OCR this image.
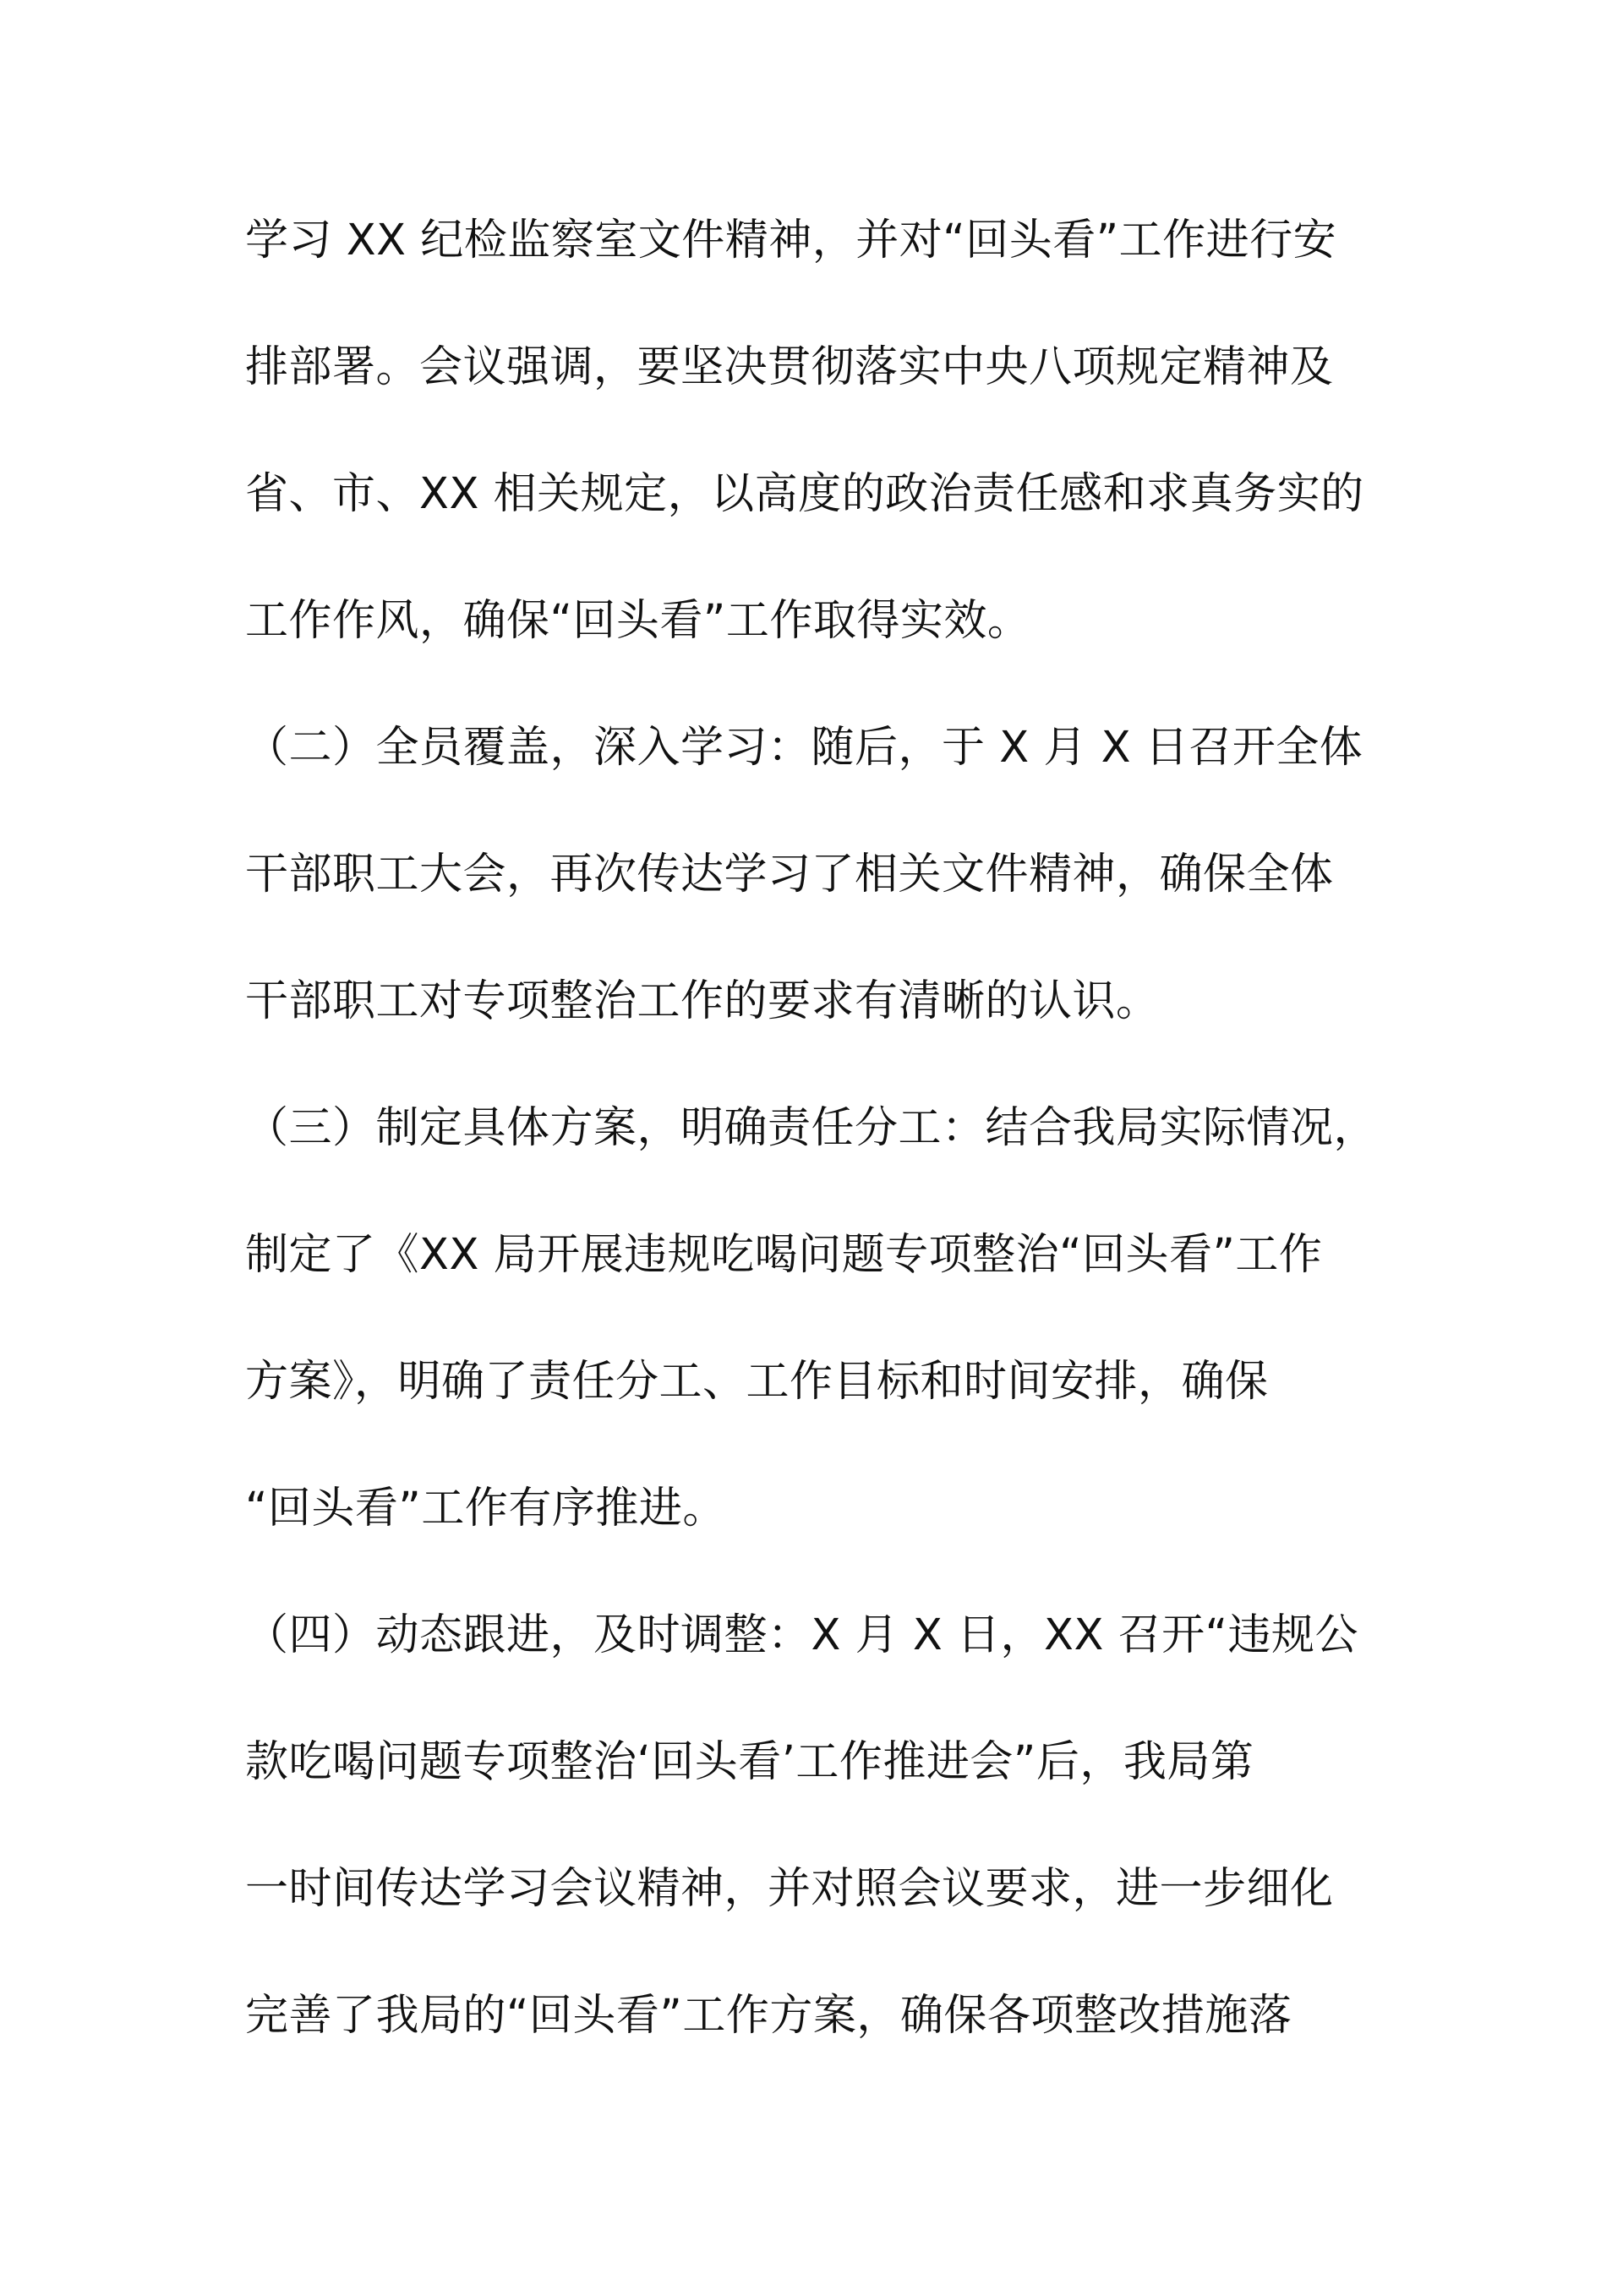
学习 XX 纪检监察室文件精神，并对“回头看”工作进行安
排部署。会议强调，要坚决贯彻落实中央八项规定精神及
省、市、XX 相关规定，以高度的政治责任感和求真务实的
工作作风，确保“回头看”工作取得实效。
（二）全员覆盖，深入学习：随后，于 X 月 X 日召开全体
干部职工大会，再次传达学习了相关文件精神，确保全体
干部职工对专项整治工作的要求有清晰的认识。
（三）制定具体方案，明确责任分工：结合我局实际情况，
制定了《XX 局开展违规吃喝问题专项整治“回头看”工作
方案》，明确了责任分工、工作目标和时间安排，确保
“回头看”工作有序推进。
（四）动态跟进，及时调整：X 月 X 日，XX 召开“违规公
款吃喝问题专项整治‘回头看’工作推进会”后，我局第
一时间传达学习会议精神，并对照会议要求，进一步细化
完善了我局的“回头看”工作方案，确保各项整改措施落
